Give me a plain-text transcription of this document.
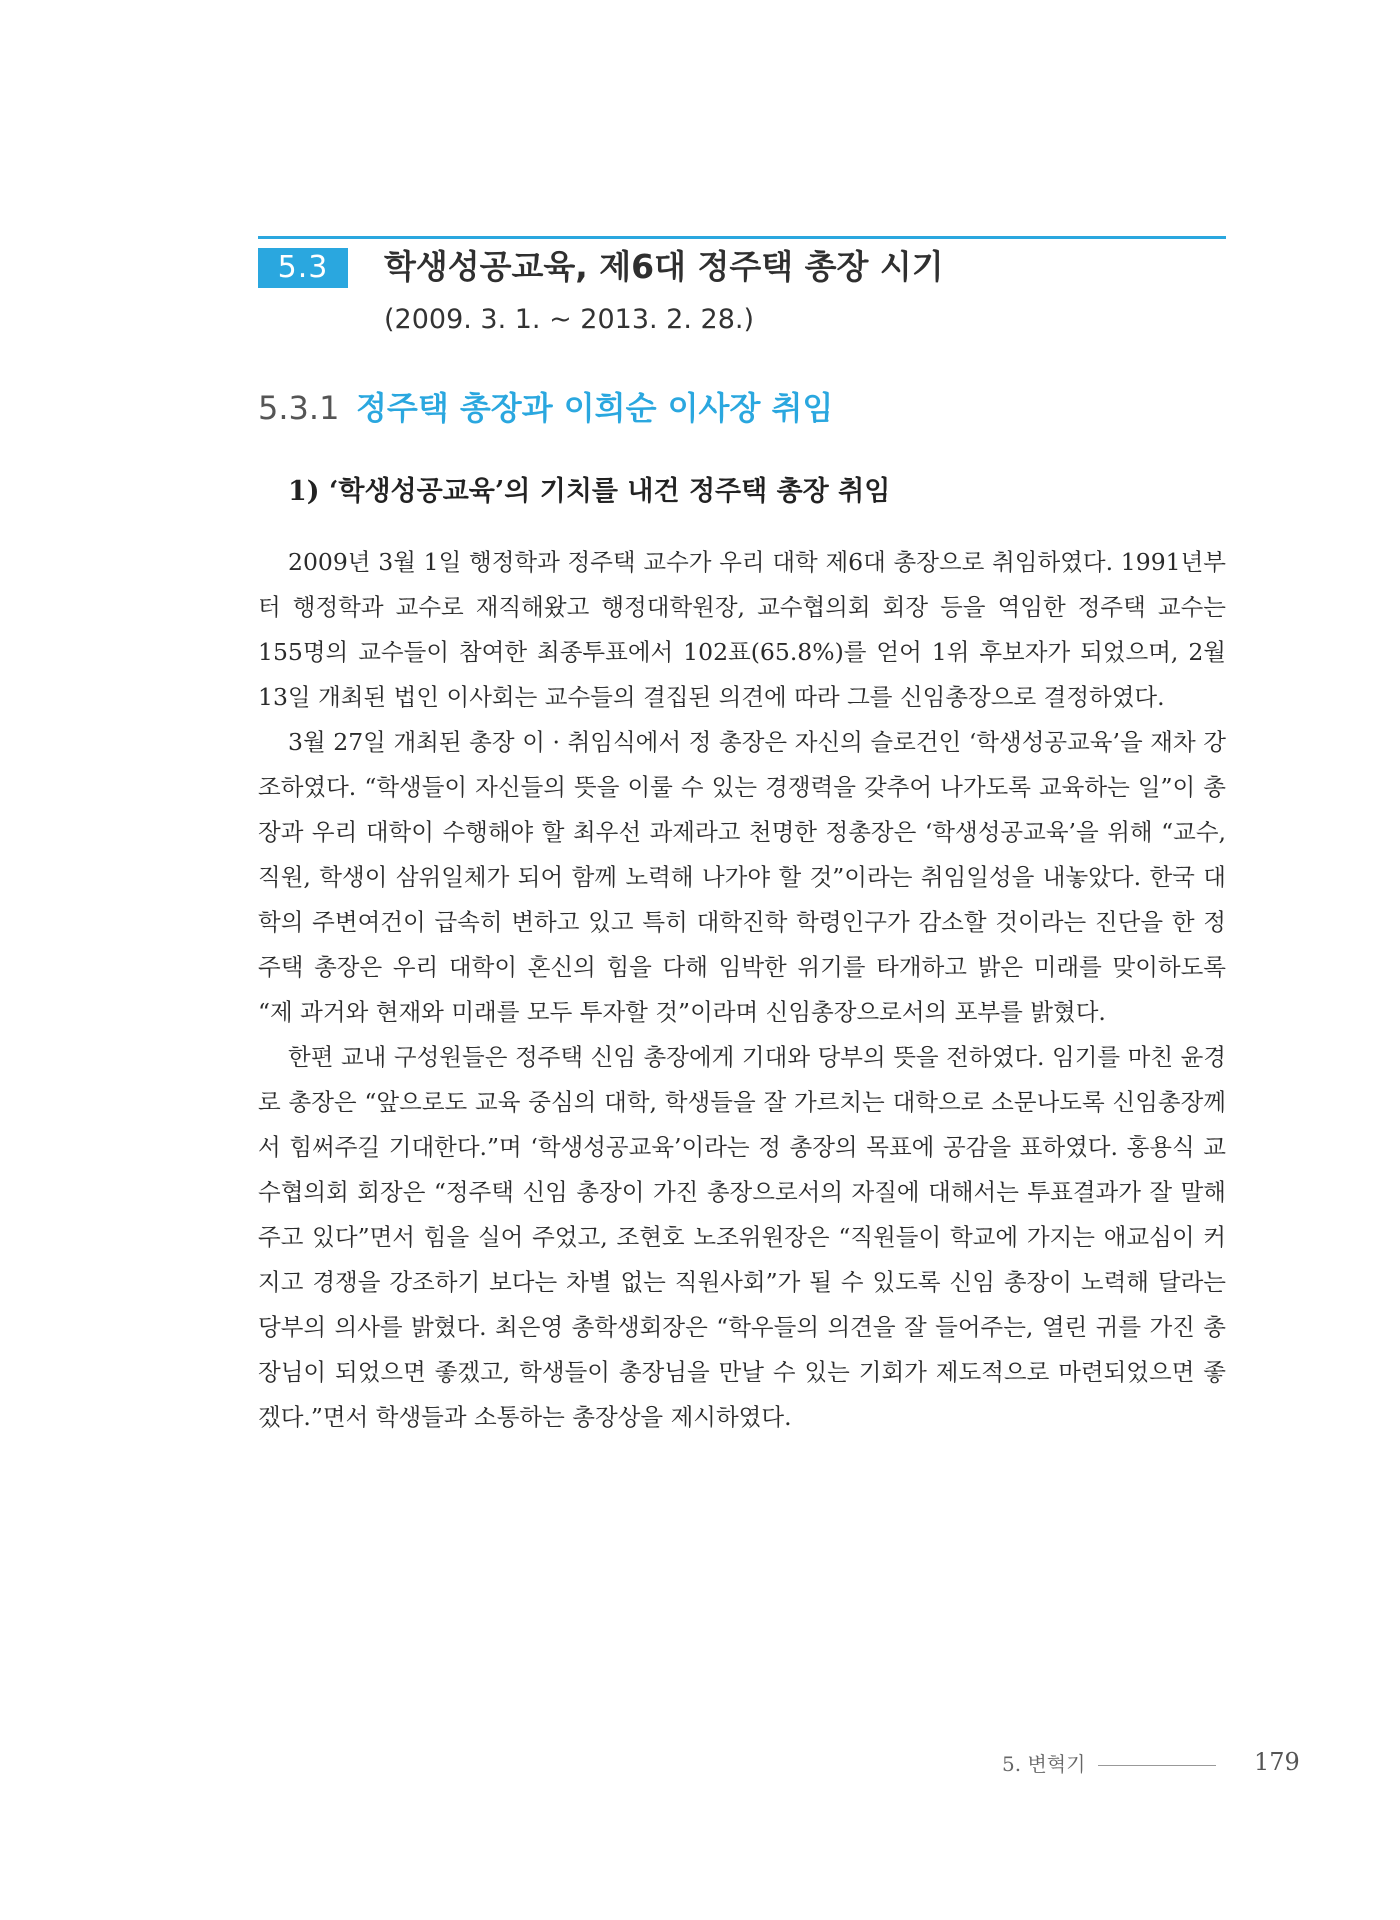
5.3	학생성공교육, 제6대 정주택 총장 시기
(2009. 3. 1. ~ 2013. 2. 28.)
5.3.1 정주택 총장과 이희순 이사장 취임
1) ‘학생성공교육’의 기치를 내건 정주택 총장 취임

2009년 3월 1일 행정학과 정주택 교수가 우리 대학 제6대 총장으로 취임하였다. 1991년부터 행정학과 교수로 재직해왔고 행정대학원장, 교수협의회 회장 등을 역임한 정주택 교수는 155명의 교수들이 참여한 최종투표에서 102표(65.8%)를 얻어 1위 후보자가 되었으며, 2월 13일 개최된 법인 이사회는 교수들의 결집된 의견에 따라 그를 신임총장으로 결정하였다.

3월 27일 개최된 총장 이 · 취임식에서 정 총장은 자신의 슬로건인 ‘학생성공교육’을 재차 강조하였다. “학생들이 자신들의 뜻을 이룰 수 있는 경쟁력을 갖추어 나가도록 교육하는 일”이 총장과 우리 대학이 수행해야 할 최우선 과제라고 천명한 정총장은 ‘학생성공교육’을 위해 “교수, 직원, 학생이 삼위일체가 되어 함께 노력해 나가야 할 것”이라는 취임일성을 내놓았다. 한국 대학의 주변여건이 급속히 변하고 있고 특히 대학진학 학령인구가 감소할 것이라는 진단을 한 정주택 총장은 우리 대학이 혼신의 힘을 다해 임박한 위기를 타개하고 밝은 미래를 맞이하도록 “제 과거와 현재와 미래를 모두 투자할 것”이라며 신임총장으로서의 포부를 밝혔다.

한편 교내 구성원들은 정주택 신임 총장에게 기대와 당부의 뜻을 전하였다. 임기를 마친 윤경로 총장은 “앞으로도 교육 중심의 대학, 학생들을 잘 가르치는 대학으로 소문나도록 신임총장께서 힘써주길 기대한다.”며 ‘학생성공교육’이라는 정 총장의 목표에 공감을 표하였다. 홍용식 교수협의회 회장은 “정주택 신임 총장이 가진 총장으로서의 자질에 대해서는 투표결과가 잘 말해주고 있다”면서 힘을 실어 주었고, 조현호 노조위원장은 “직원들이 학교에 가지는 애교심이 커지고 경쟁을 강조하기 보다는 차별 없는 직원사회”가 될 수 있도록 신임 총장이 노력해 달라는 당부의 의사를 밝혔다. 최은영 총학생회장은 “학우들의 의견을 잘 들어주는, 열린 귀를 가진 총장님이 되었으면 좋겠고, 학생들이 총장님을 만날 수 있는 기회가 제도적으로 마련되었으면 좋겠다.”면서 학생들과 소통하는 총장상을 제시하였다.

5. 변혁기	179
